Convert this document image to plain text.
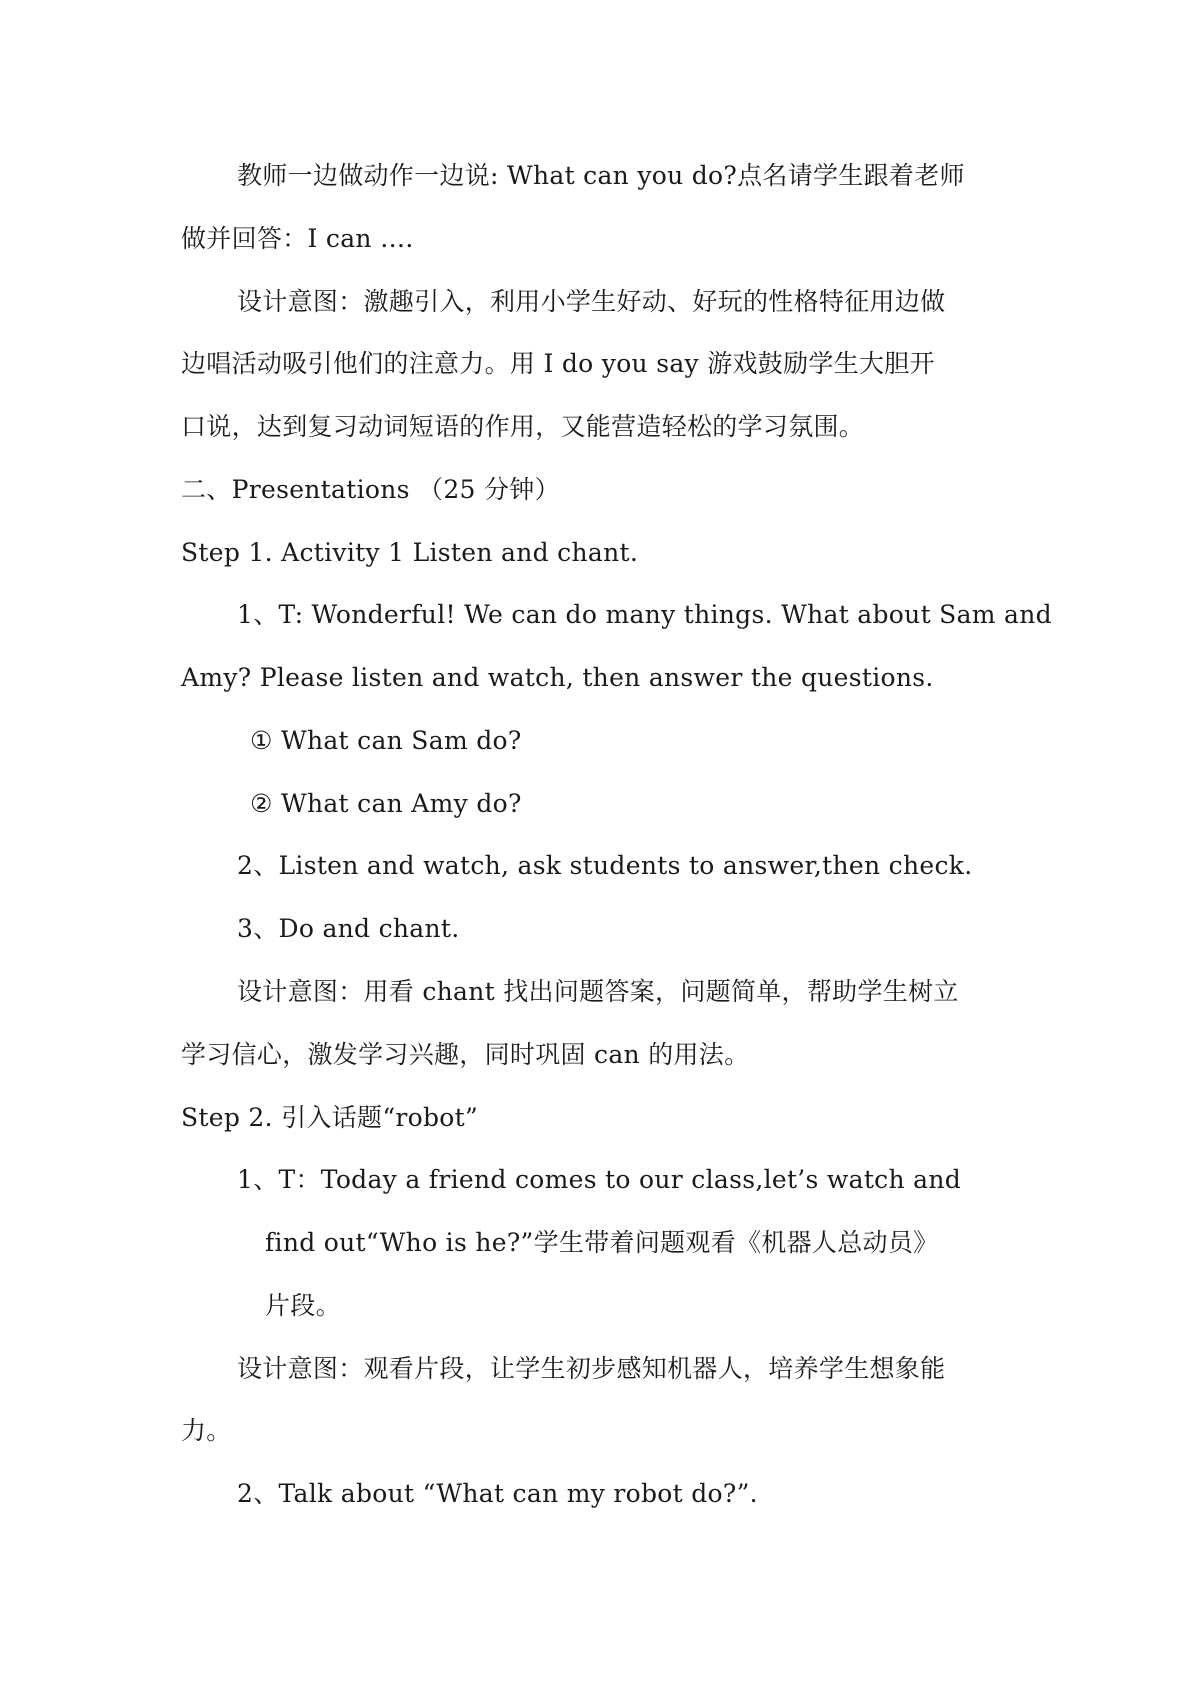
教师一边做动作一边说: What can you do?点名请学生跟着老师
做并回答：I can ….
设计意图：激趣引入，利用小学生好动、好玩的性格特征用边做
边唱活动吸引他们的注意力。用 I do you say 游戏鼓励学生大胆开
口说，达到复习动词短语的作用，又能营造轻松的学习氛围。
二、Presentations （25 分钟）
Step 1. Activity 1 Listen and chant.
1、T: Wonderful! We can do many things. What about Sam and
Amy? Please listen and watch, then answer the questions.
① What can Sam do?
② What can Amy do?
2、Listen and watch, ask students to answer,then check.
3、Do and chant.
设计意图：用看 chant 找出问题答案，问题简单，帮助学生树立
学习信心，激发学习兴趣，同时巩固 can 的用法。
Step 2. 引入话题“robot”
1、T：Today a friend comes to our class,let’s watch and
find out“Who is he?”学生带着问题观看《机器人总动员》
片段。
设计意图：观看片段，让学生初步感知机器人，培养学生想象能
力。
2、Talk about “What can my robot do?”.
